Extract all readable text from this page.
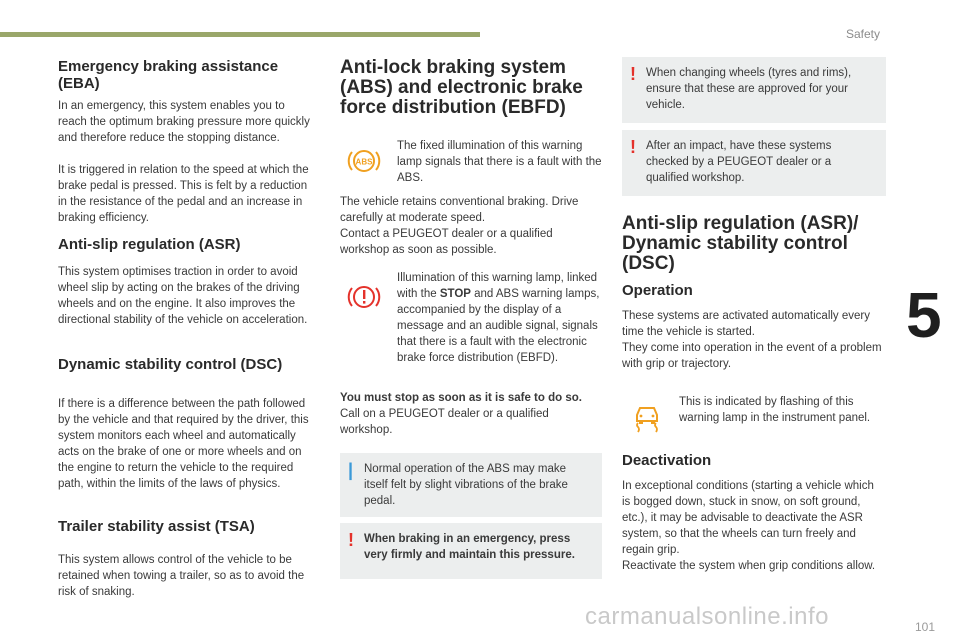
Safety
5
Emergency braking assistance (EBA)

In an emergency, this system enables you to reach the optimum braking pressure more quickly and therefore reduce the stopping distance.

It is triggered in relation to the speed at which the brake pedal is pressed. This is felt by a reduction in the resistance of the pedal and an increase in braking efficiency.

Anti-slip regulation (ASR)

This system optimises traction in order to avoid wheel slip by acting on the brakes of the driving wheels and on the engine. It also improves the directional stability of the vehicle on acceleration.

Dynamic stability control (DSC)

If there is a difference between the path followed by the vehicle and that required by the driver, this system monitors each wheel and automatically acts on the brake of one or more wheels and on the engine to return the vehicle to the required path, within the limits of the laws of physics.

Trailer stability assist (TSA)

This system allows control of the vehicle to be retained when towing a trailer, so as to avoid the risk of snaking.

Anti-lock braking system (ABS) and electronic brake force distribution (EBFD)
ABS

The fixed illumination of this warning lamp signals that there is a fault with the ABS.

The vehicle retains conventional braking. Drive carefully at moderate speed.

Contact a PEUGEOT dealer or a qualified workshop as soon as possible.

Illumination of this warning lamp, linked with the STOP and ABS warning lamps, accompanied by the display of a message and an audible signal, signals that there is a fault with the electronic brake force distribution (EBFD).

You must stop as soon as it is safe to do so.

Call on a PEUGEOT dealer or a qualified workshop.

| Normal operation of the ABS may make itself felt by slight vibrations of the brake pedal.
! When braking in an emergency, press very firmly and maintain this pressure.
! When changing wheels (tyres and rims), ensure that these are approved for your vehicle.
! After an impact, have these systems checked by a PEUGEOT dealer or a qualified workshop.
Anti-slip regulation (ASR)/ Dynamic stability control (DSC)
Operation

These systems are activated automatically every time the vehicle is started.

They come into operation in the event of a problem with grip or trajectory.

This is indicated by flashing of this warning lamp in the instrument panel.

Deactivation

In exceptional conditions (starting a vehicle which is bogged down, stuck in snow, on soft ground, etc.), it may be advisable to deactivate the ASR system, so that the wheels can turn freely and regain grip.

Reactivate the system when grip conditions allow.

carmanualsonline.info	101
